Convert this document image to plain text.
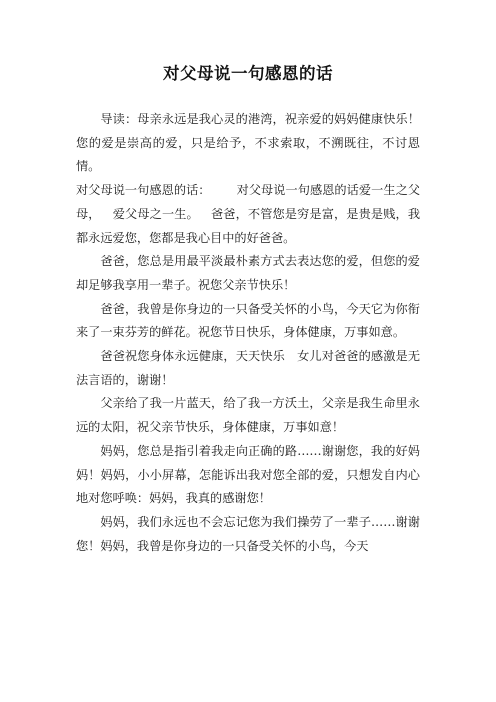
对父母说一句感恩的话

导读：母亲永远是我心灵的港湾，祝亲爱的妈妈健康快乐！您的爱是崇高的爱，只是给予，不求索取，不溯既往，不讨恩情。

对父母说一句感恩的话： 对父母说一句感恩的话爱一生之父母， 爱父母之一生。 爸爸，不管您是穷是富，是贵是贱，我都永远爱您，您都是我心目中的好爸爸。

爸爸，您总是用最平淡最朴素方式去表达您的爱，但您的爱却足够我享用一辈子。祝您父亲节快乐！

爸爸，我曾是你身边的一只备受关怀的小鸟，今天它为你衔来了一束芬芳的鲜花。祝您节日快乐，身体健康，万事如意。

爸爸祝您身体永远健康，天天快乐 女儿对爸爸的感激是无法言语的，谢谢！

父亲给了我一片蓝天，给了我一方沃土，父亲是我生命里永远的太阳，祝父亲节快乐，身体健康，万事如意！

妈妈，您总是指引着我走向正确的路……谢谢您，我的好妈妈！妈妈，小小屏幕，怎能诉出我对您全部的爱，只想发自内心地对您呼唤：妈妈，我真的感谢您！

妈妈，我们永远也不会忘记您为我们操劳了一辈子……谢谢您！妈妈，我曾是你身边的一只备受关怀的小鸟，今天
